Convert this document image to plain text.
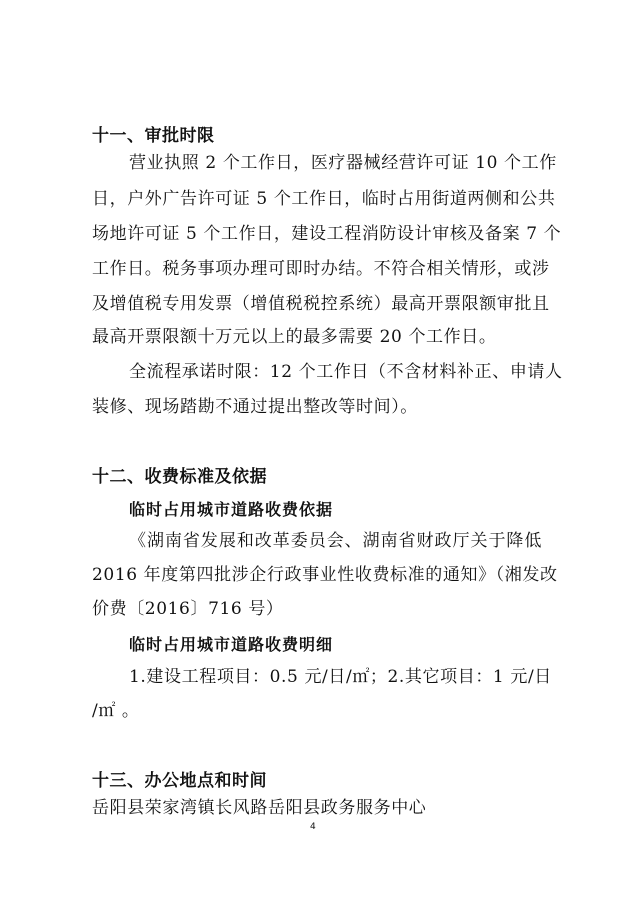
十一、审批时限
营业执照 2 个工作日，医疗器械经营许可证 10 个工作
日，户外广告许可证 5 个工作日，临时占用街道两侧和公共
场地许可证 5 个工作日，建设工程消防设计审核及备案 7 个
工作日。税务事项办理可即时办结。不符合相关情形，或涉
及增值税专用发票（增值税税控系统）最高开票限额审批且
最高开票限额十万元以上的最多需要 20 个工作日。
全流程承诺时限：12 个工作日（不含材料补正、申请人
装修、现场踏勘不通过提出整改等时间）。
十二、收费标准及依据
临时占用城市道路收费依据
《湖南省发展和改革委员会、湖南省财政厅关于降低
2016 年度第四批涉企行政事业性收费标准的通知》（湘发改
价费〔2016〕716 号）
临时占用城市道路收费明细
1.建设工程项目：0.5 元/日/㎡；2.其它项目：1 元/日
/㎡ 。
十三、办公地点和时间
岳阳县荣家湾镇长风路岳阳县政务服务中心
4
